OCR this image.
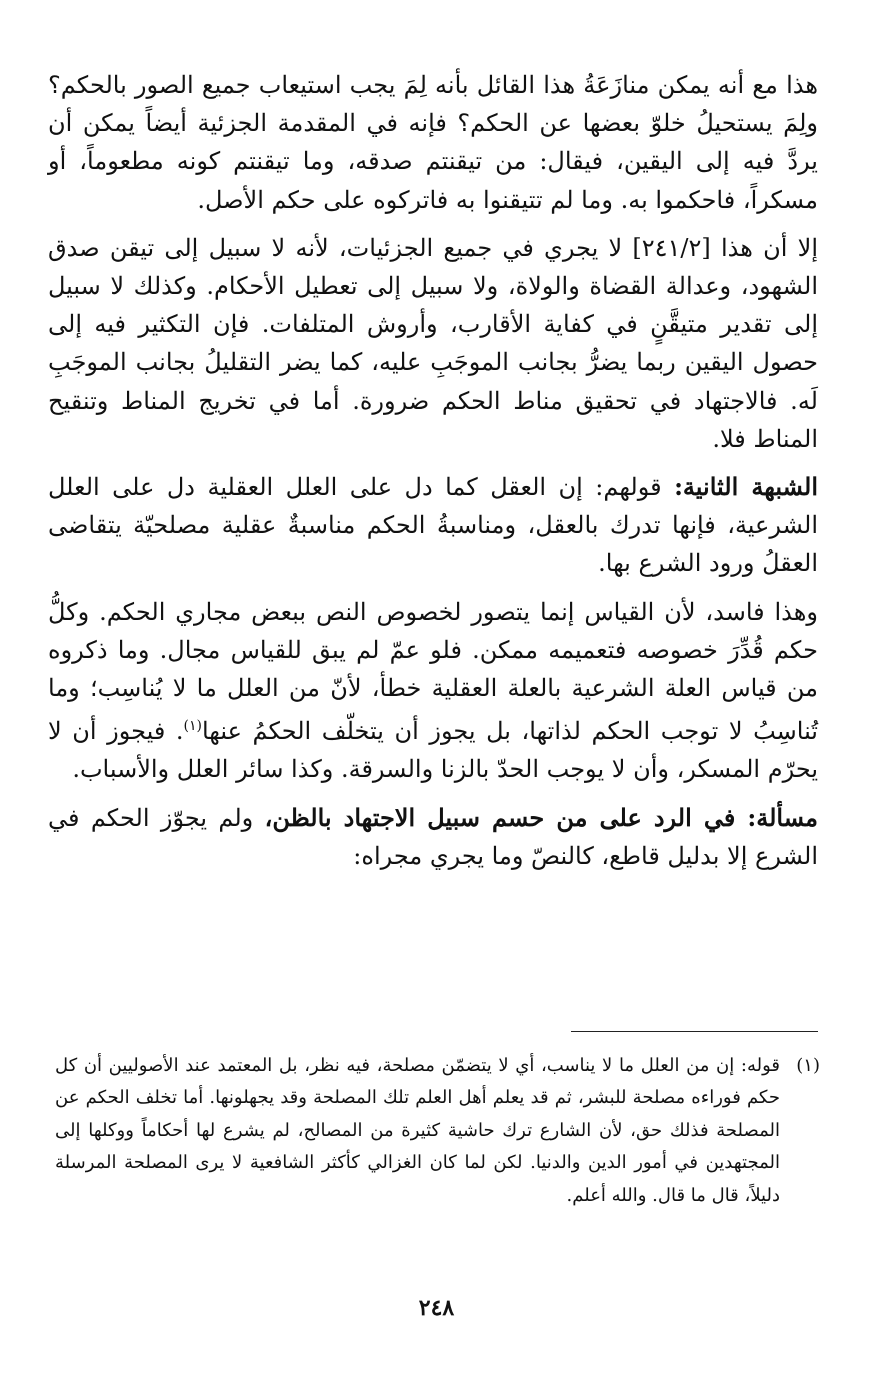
هذا مع أنه يمكن منازَعَةُ هذا القائل بأنه لِمَ يجب استيعاب جميع الصور بالحكم؟ ولِمَ يستحيلُ خلوّ بعضها عن الحكم؟ فإنه في المقدمة الجزئية أيضاً يمكن أن يردَّ فيه إلى اليقين، فيقال: من تيقنتم صدقه، وما تيقنتم كونه مطعوماً، أو مسكراً، فاحكموا به. وما لم تتيقنوا به فاتركوه على حكم الأصل.

إلا أن هذا [٢٤١/٢] لا يجري في جميع الجزئيات، لأنه لا سبيل إلى تيقن صدق الشهود، وعدالة القضاة والولاة، ولا سبيل إلى تعطيل الأحكام. وكذلك لا سبيل إلى تقدير متيقَّنٍ في كفاية الأقارب، وأروش المتلفات. فإن التكثير فيه إلى حصول اليقين ربما يضرُّ بجانب الموجَبِ عليه، كما يضر التقليلُ بجانب الموجَبِ لَه. فالاجتهاد في تحقيق مناط الحكم ضرورة. أما في تخريج المناط وتنقيح المناط فلا.

الشبهة الثانية: قولهم: إن العقل كما دل على العلل العقلية دل على العلل الشرعية، فإنها تدرك بالعقل، ومناسبةُ الحكم مناسبةٌ عقلية مصلحيّة يتقاضى العقلُ ورود الشرع بها.

وهذا فاسد، لأن القياس إنما يتصور لخصوص النص ببعض مجاري الحكم. وكلُّ حكم قُدِّرَ خصوصه فتعميمه ممكن. فلو عمّ لم يبق للقياس مجال. وما ذكروه من قياس العلة الشرعية بالعلة العقلية خطأ، لأنّ من العلل ما لا يُناسِب؛ وما تُناسِبُ لا توجب الحكم لذاتها، بل يجوز أن يتخلّف الحكمُ عنها$^{(١)}$. فيجوز أن لا يحرّم المسكر، وأن لا يوجب الحدّ بالزنا والسرقة. وكذا سائر العلل والأسباب.

مسألة: في الرد على من حسم سبيل الاجتهاد بالظن، ولم يجوّز الحكم في الشرع إلا بدليل قاطع، كالنصّ وما يجري مجراه:

(١)
قوله: إن من العلل ما لا يناسب، أي لا يتضمّن مصلحة، فيه نظر، بل المعتمد عند الأصوليين أن كل حكم فوراءه مصلحة للبشر، ثم قد يعلم أهل العلم تلك المصلحة وقد يجهلونها. أما تخلف الحكم عن المصلحة فذلك حق، لأن الشارع ترك حاشية كثيرة من المصالح، لم يشرع لها أحكاماً ووكلها إلى المجتهدين في أمور الدين والدنيا. لكن لما كان الغزالي كأكثر الشافعية لا يرى المصلحة المرسلة دليلاً، قال ما قال. والله أعلم.
٢٤٨
